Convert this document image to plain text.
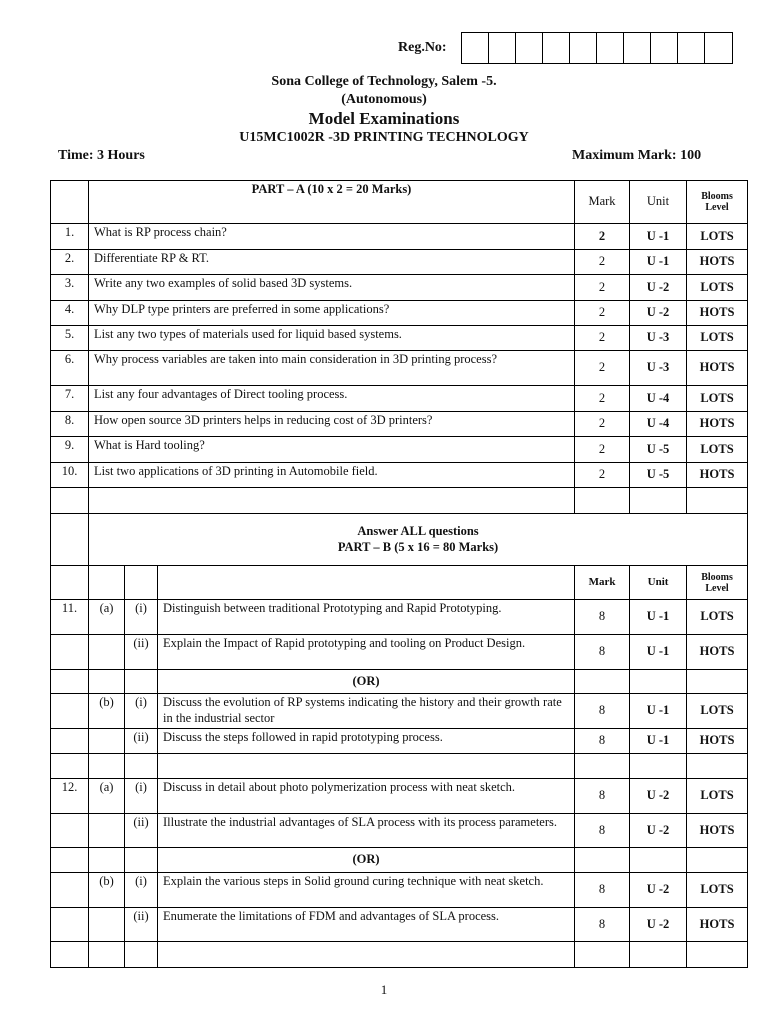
Reg.No:
Sona College of Technology, Salem -5.
(Autonomous)
Model Examinations
U15MC1002R -3D PRINTING TECHNOLOGY
Time: 3 Hours	Maximum Mark: 100
	PART – A (10 x 2 = 20 Marks)			Mark	Unit	Blooms Level
1.	What is RP process chain?			2	U -1	LOTS
2.	Differentiate RP & RT.			2	U -1	HOTS
3.	Write any two examples of solid based 3D systems.			2	U -2	LOTS
4.	Why DLP type printers are preferred in some applications?			2	U -2	HOTS
5.	List any two types of materials used for liquid based systems.			2	U -3	LOTS
6.	Why process variables are taken into main consideration in 3D printing process?			2	U -3	HOTS
7.	List any four advantages of Direct tooling process.			2	U -4	LOTS
8.	How open source 3D printers helps in reducing cost of 3D printers?			2	U -4	HOTS
9.	What is Hard tooling?			2	U -5	LOTS
10.	List two applications of 3D printing in Automobile field.			2	U -5	HOTS

	Answer ALL questions
PART – B (5 x 16 = 80 Marks)					

				Mark	Unit	Blooms Level
11.	(a)	(i)	Distinguish between traditional Prototyping and Rapid Prototyping.	8	U -1	LOTS
		(ii)	Explain the Impact of Rapid prototyping and tooling on Product Design.	8	U -1	HOTS
			(OR)			
	(b)	(i)	Discuss the evolution of RP systems indicating the history and their growth rate in the industrial sector	8	U -1	LOTS
		(ii)	Discuss the steps followed in rapid prototyping process.	8	U -1	HOTS

12.	(a)	(i)	Discuss in detail about photo polymerization process with neat sketch.	8	U -2	LOTS
		(ii)	Illustrate the industrial advantages of SLA process with its process parameters.	8	U -2	HOTS
			(OR)			
	(b)	(i)	Explain the various steps in Solid ground curing technique with neat sketch.	8	U -2	LOTS
		(ii)	Enumerate the limitations of FDM and advantages of SLA process.	8	U -2	HOTS

1
